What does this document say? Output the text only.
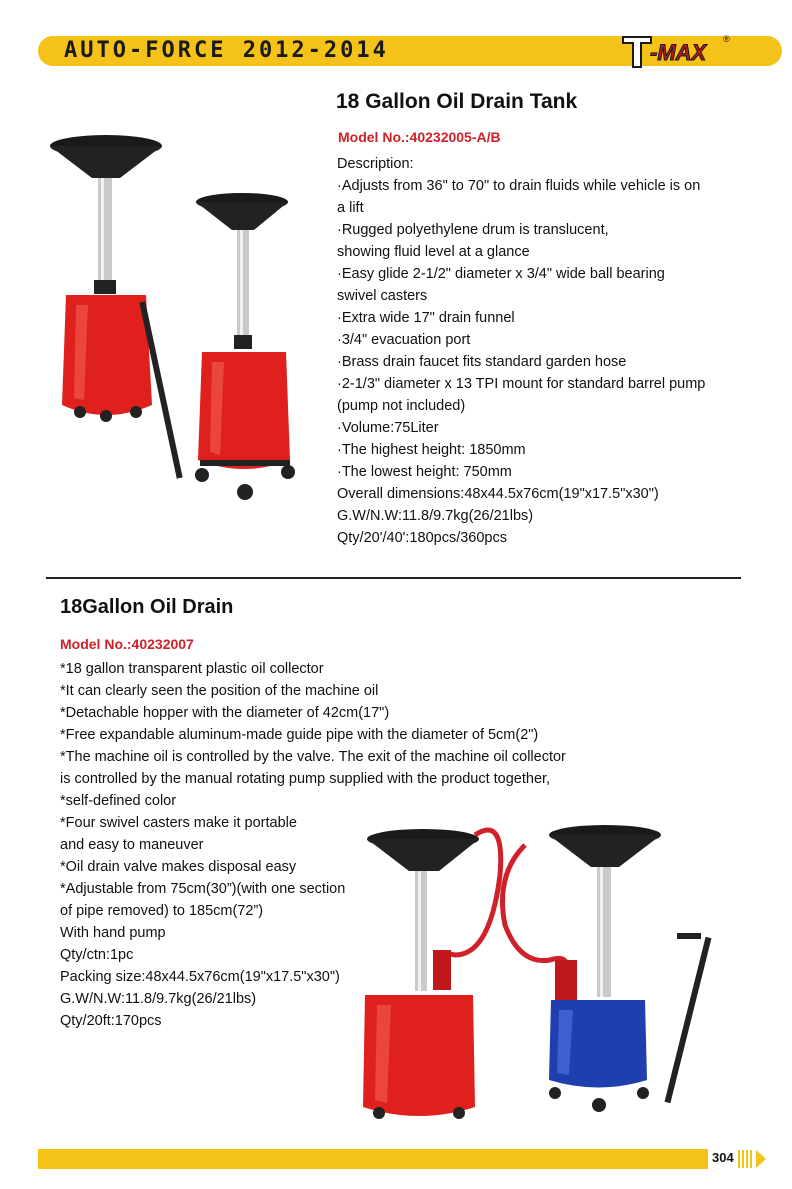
AUTO-FORCE 2012-2014	-MAX
®
18 Gallon Oil Drain Tank
Model No.:40232005-A/B
Description:
·Adjusts from 36" to 70" to drain fluids while vehicle is on
a lift
·Rugged polyethylene drum is translucent,
showing fluid level at a glance
·Easy glide 2-1/2" diameter x 3/4" wide ball bearing
swivel casters
·Extra wide 17" drain funnel
·3/4" evacuation port
·Brass drain faucet fits standard garden hose
·2-1/3" diameter x 13 TPI mount for standard barrel pump
(pump not included)
·Volume:75Liter
·The highest height: 1850mm
·The lowest height: 750mm
Overall dimensions:48x44.5x76cm(19"x17.5"x30")
G.W/N.W:11.8/9.7kg(26/21lbs)
Qty/20'/40':180pcs/360pcs
18Gallon Oil Drain
Model No.:40232007
*18 gallon transparent plastic oil collector
*It can clearly seen the position of the machine oil
*Detachable hopper with the diameter of 42cm(17")
*Free expandable aluminum-made guide pipe with the diameter of 5cm(2")
*The machine oil is controlled by the valve. The exit of the machine oil collector
is controlled by the manual rotating pump supplied with the product together,
*self-defined color
*Four swivel casters make it portable
and easy to maneuver
*Oil drain valve makes disposal easy
*Adjustable from 75cm(30”)(with one section
of pipe removed) to 185cm(72”)
With hand pump
Qty/ctn:1pc
Packing size:48x44.5x76cm(19"x17.5"x30")
G.W/N.W:11.8/9.7kg(26/21lbs)
Qty/20ft:170pcs
304
